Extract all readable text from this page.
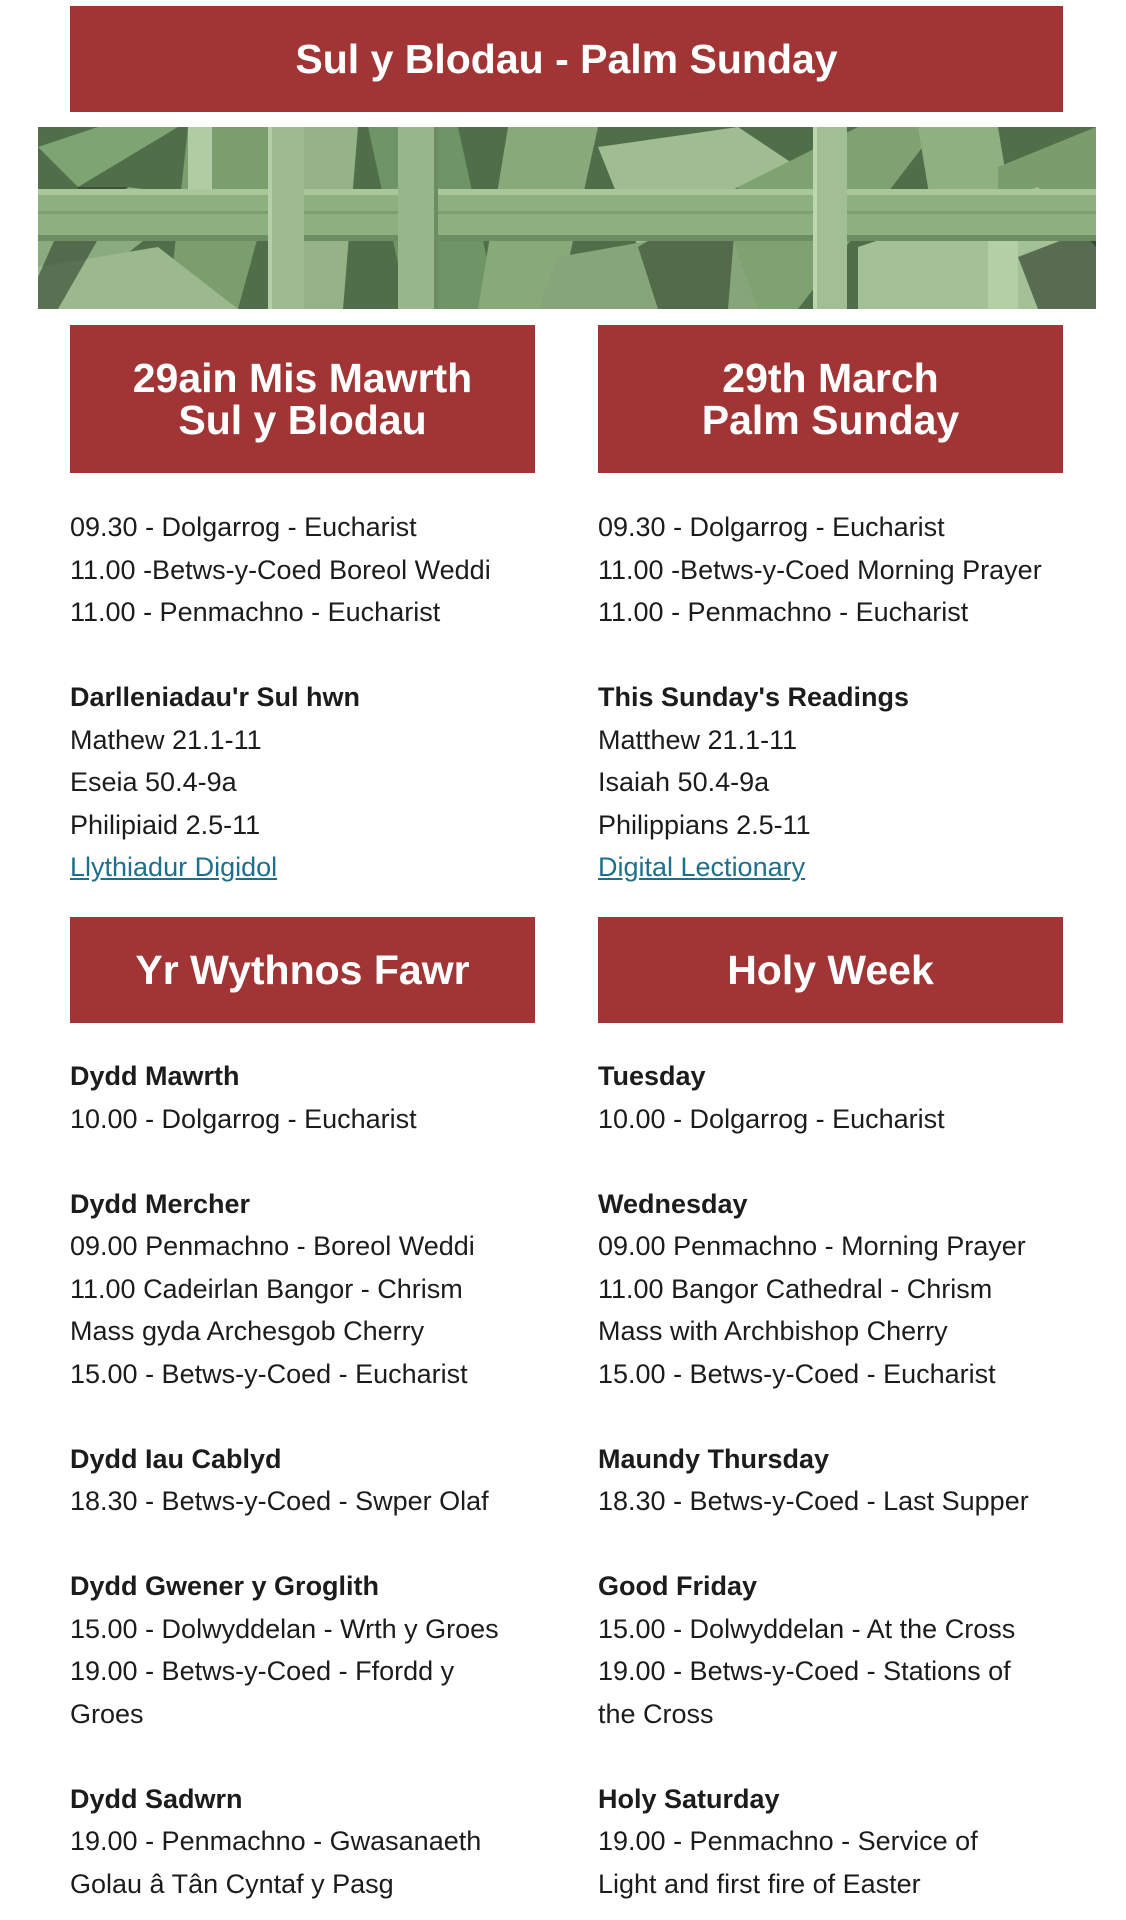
Sul y Blodau - Palm Sunday
29ain Mis Mawrth
Sul y Blodau
29th March
Palm Sunday
09.30 - Dolgarrog - Eucharist
11.00 -Betws-y-Coed Boreol Weddi
11.00 - Penmachno - Eucharist
Darlleniadau'r Sul hwn
Mathew 21.1-11
Eseia 50.4-9a
Philipiaid 2.5-11
Llythiadur Digidol
09.30 - Dolgarrog - Eucharist
11.00 -Betws-y-Coed Morning Prayer
11.00 - Penmachno - Eucharist
This Sunday's Readings
Matthew 21.1-11
Isaiah 50.4-9a
Philippians 2.5-11
Digital Lectionary
Yr Wythnos Fawr	Holy Week
Dydd Mawrth
10.00 - Dolgarrog - Eucharist
Dydd Mercher
09.00 Penmachno - Boreol Weddi
11.00 Cadeirlan Bangor - Chrism
Mass gyda Archesgob Cherry
15.00 - Betws-y-Coed - Eucharist
Dydd Iau Cablyd
18.30 - Betws-y-Coed - Swper Olaf
Dydd Gwener y Groglith
15.00 - Dolwyddelan - Wrth y Groes
19.00 - Betws-y-Coed - Ffordd y
Groes
Dydd Sadwrn
19.00 - Penmachno - Gwasanaeth
Golau â Tân Cyntaf y Pasg
Tuesday
10.00 - Dolgarrog - Eucharist
Wednesday
09.00 Penmachno - Morning Prayer
11.00 Bangor Cathedral - Chrism
Mass with Archbishop Cherry
15.00 - Betws-y-Coed - Eucharist
Maundy Thursday
18.30 - Betws-y-Coed - Last Supper
Good Friday
15.00 - Dolwyddelan - At the Cross
19.00 - Betws-y-Coed - Stations of
the Cross
Holy Saturday
19.00 - Penmachno - Service of
Light and first fire of Easter
